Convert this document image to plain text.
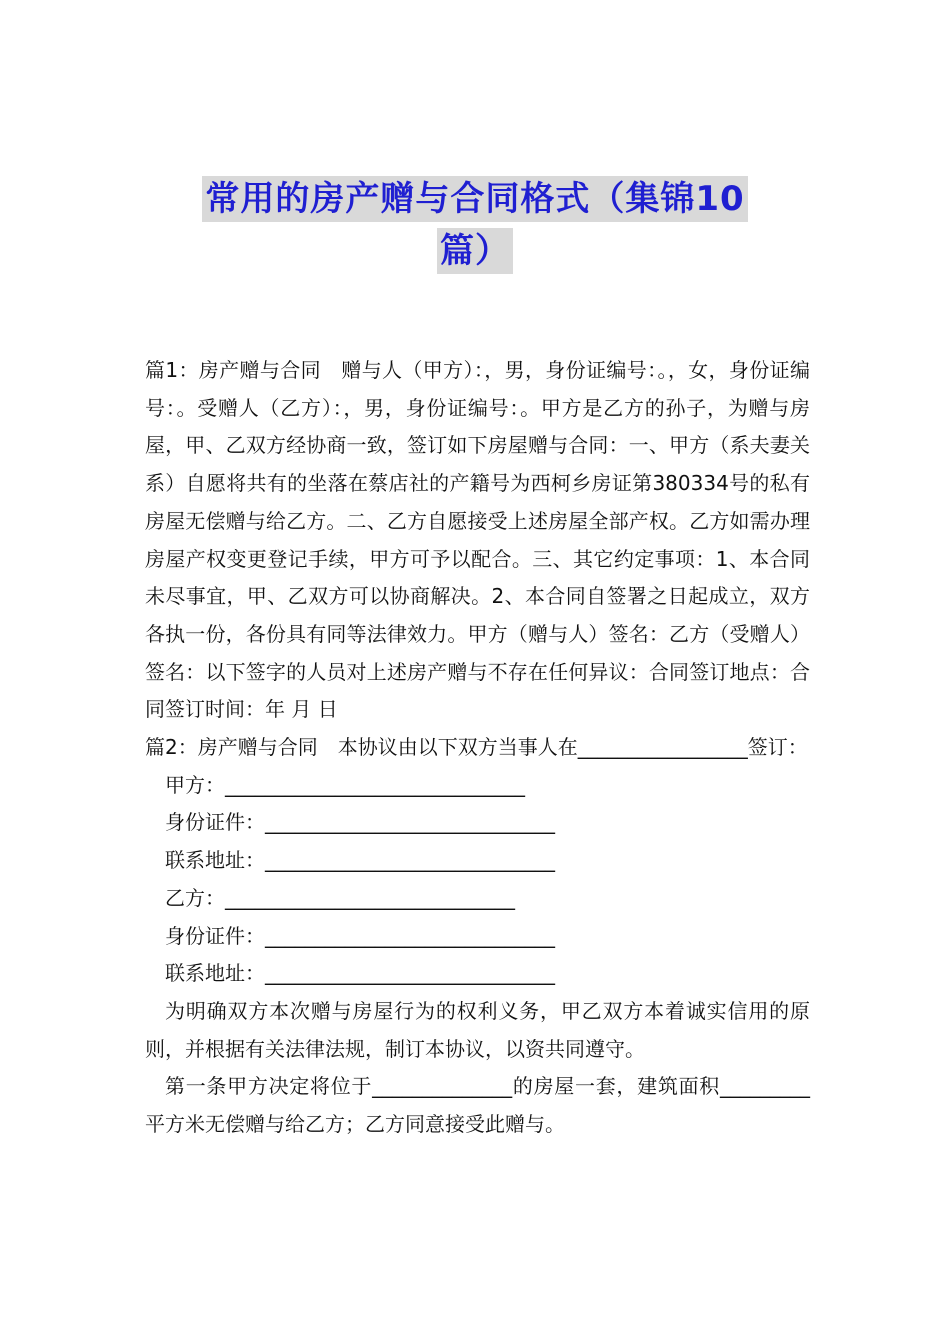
常用的房产赠与合同格式（集锦10
篇）

篇1：房产赠与合同　赠与人（甲方）：，男，身份证编号：。，女，身份证编号：。受赠人（乙方）：，男，身份证编号：。甲方是乙方的孙子，为赠与房屋，甲、乙双方经协商一致，签订如下房屋赠与合同：一、甲方（系夫妻关系）自愿将共有的坐落在蔡店社的产籍号为西柯乡房证第380334号的私有房屋无偿赠与给乙方。二、乙方自愿接受上述房屋全部产权。乙方如需办理房屋产权变更登记手续，甲方可予以配合。三、其它约定事项：1、本合同未尽事宜，甲、乙双方可以协商解决。2、本合同自签署之日起成立，双方各执一份，各份具有同等法律效力。甲方（赠与人）签名：乙方（受赠人）签名：以下签字的人员对上述房产赠与不存在任何异议：合同签订地点：合同签订时间：年 月 日

篇2：房产赠与合同　本协议由以下双方当事人在_________________签订：

甲方：______________________________

身份证件：_____________________________

联系地址：_____________________________

乙方：_____________________________

身份证件：_____________________________

联系地址：_____________________________

为明确双方本次赠与房屋行为的权利义务，甲乙双方本着诚实信用的原则，并根据有关法律法规，制订本协议，以资共同遵守。

第一条甲方决定将位于______________的房屋一套，建筑面积_________平方米无偿赠与给乙方；乙方同意接受此赠与。
